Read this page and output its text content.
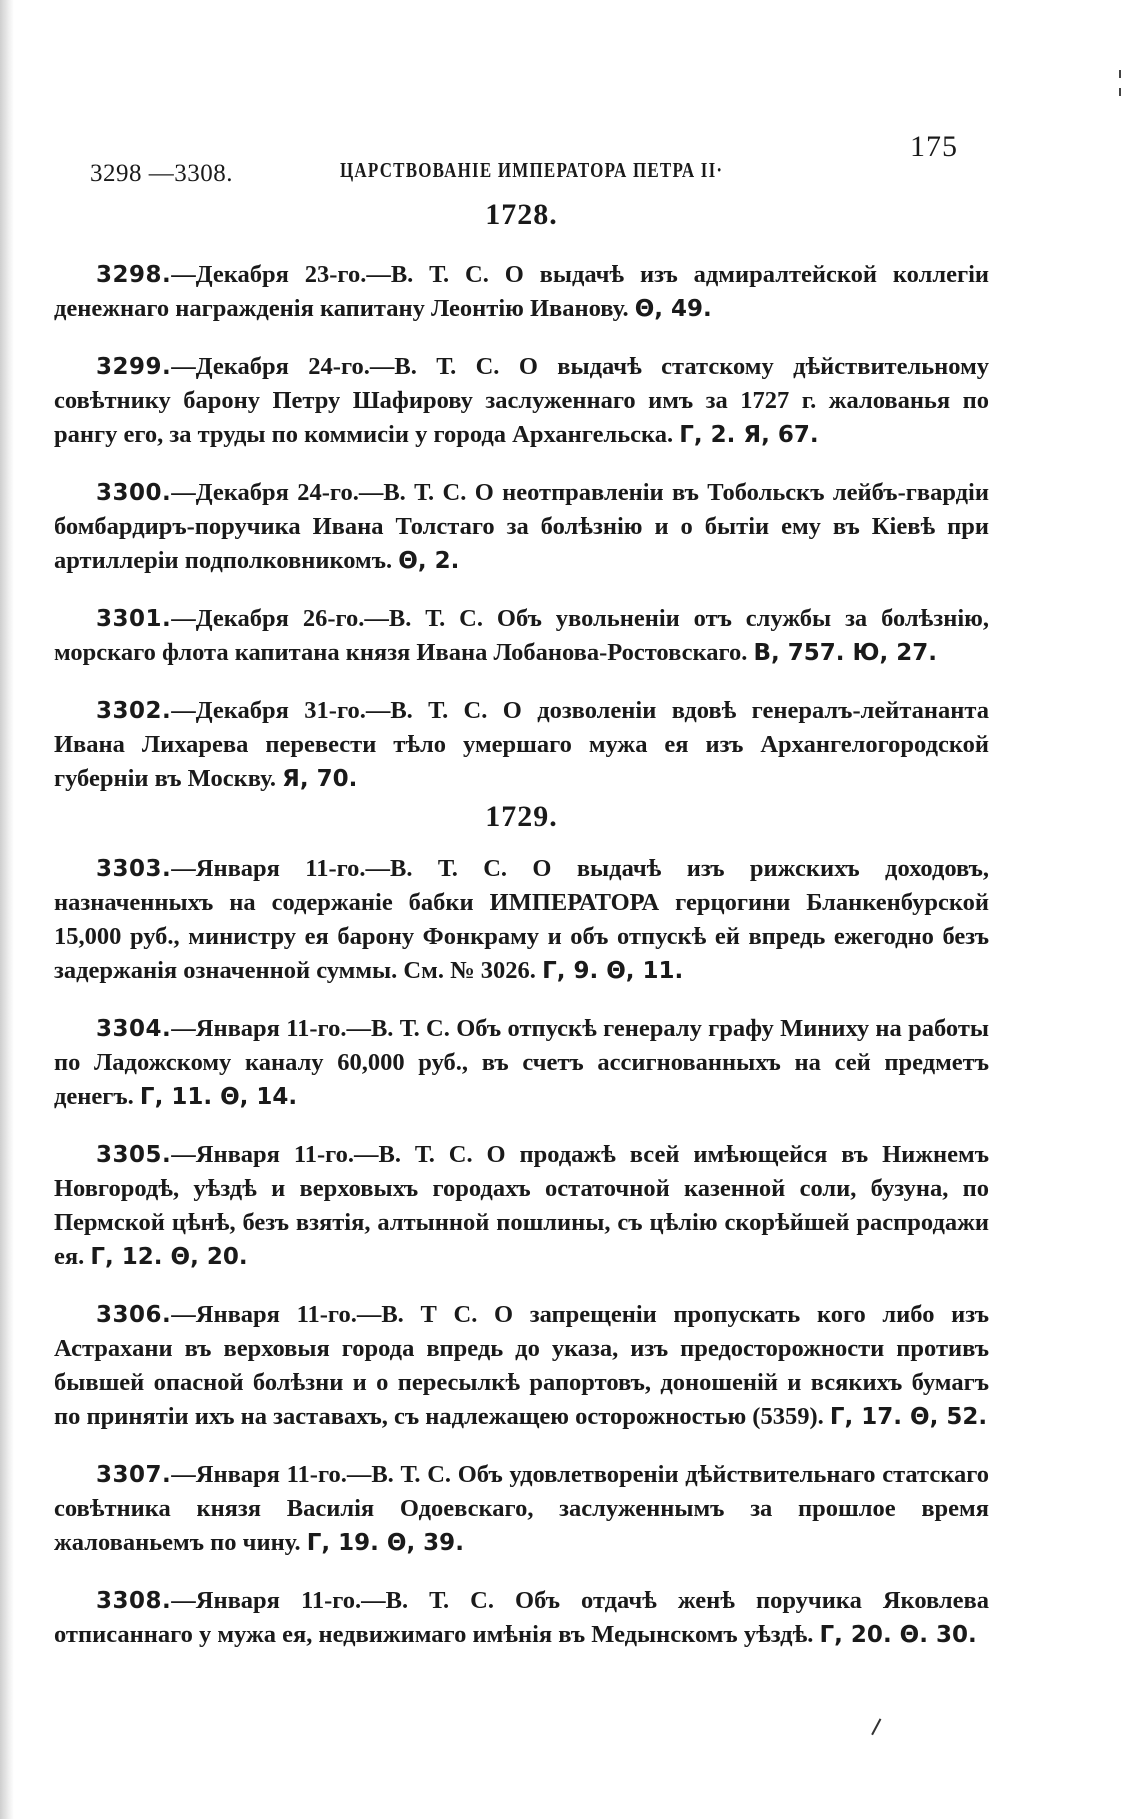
3298 —3308.	ЦАРСТВОВАНІЕ ИМПЕРАТОРА ПЕТРА II·
175
1728.

3298.—Декабря 23-го.—В. Т. С. О выдачѣ изъ адмиралтейской коллегіи денежнаго награжденія капитану Леонтію Иванову. Θ, 49.

3299.—Декабря 24-го.—В. Т. С. О выдачѣ статскому дѣйствительному совѣтнику барону Петру Шафирову заслуженнаго имъ за 1727 г. жалованья по рангу его, за труды по коммисіи у города Архангельска. Г, 2. Я, 67.

3300.—Декабря 24-го.—В. Т. С. О неотправленіи въ Тобольскъ лейбъ-гвардіи бомбардиръ-поручика Ивана Толстаго за болѣзнію и о бытіи ему въ Кіевѣ при артиллеріи подполковникомъ. Θ, 2.

3301.—Декабря 26-го.—В. Т. С. Объ увольненіи отъ службы за болѣзнію, морскаго флота капитана князя Ивана Лобанова-Ростовскаго. В, 757. Ю, 27.

3302.—Декабря 31-го.—В. Т. С. О дозволеніи вдовѣ генералъ-лейтананта Ивана Лихарева перевести тѣло умершаго мужа ея изъ Архангелогородской губерніи въ Москву. Я, 70.

1729.

3303.—Января 11-го.—В. Т. С. О выдачѣ изъ рижскихъ доходовъ, назначенныхъ на содержаніе бабки ИМПЕРАТОРА герцогини Бланкенбурской 15,000 руб., министру ея барону Фонкраму и объ отпускѣ ей впредь ежегодно безъ задержанія означенной суммы. См. № 3026. Г, 9. Θ, 11.

3304.—Января 11-го.—В. Т. С. Объ отпускѣ генералу графу Миниху на работы по Ладожскому каналу 60,000 руб., въ счетъ ассигнованныхъ на сей предметъ денегъ. Г, 11. Θ, 14.

3305.—Января 11-го.—В. Т. С. О продажѣ всей имѣющейся въ Нижнемъ Новгородѣ, уѣздѣ и верховыхъ городахъ остаточной казенной соли, бузуна, по Пермской цѣнѣ, безъ взятія, алтынной пошлины, съ цѣлію скорѣйшей распродажи ея. Г, 12. Θ, 20.

3306.—Января 11-го.—В. Т С. О запрещеніи пропускать кого либо изъ Астрахани въ верховыя города впредь до указа, изъ предосторожности противъ бывшей опасной болѣзни и о пересылкѣ рапортовъ, доношеній и всякихъ бумагъ по принятіи ихъ на заставахъ, съ надлежащею осторожностью (5359). Г, 17. Θ, 52.

3307.—Января 11-го.—В. Т. С. Объ удовлетвореніи дѣйствительнаго статскаго совѣтника князя Василія Одоевскаго, заслуженнымъ за прошлое время жалованьемъ по чину. Г, 19. Θ, 39.

3308.—Января 11-го.—В. Т. С. Объ отдачѣ женѣ поручика Яковлева отписаннаго у мужа ея, недвижимаго имѣнія въ Медынскомъ уѣздѣ. Г, 20. Θ. 30.
